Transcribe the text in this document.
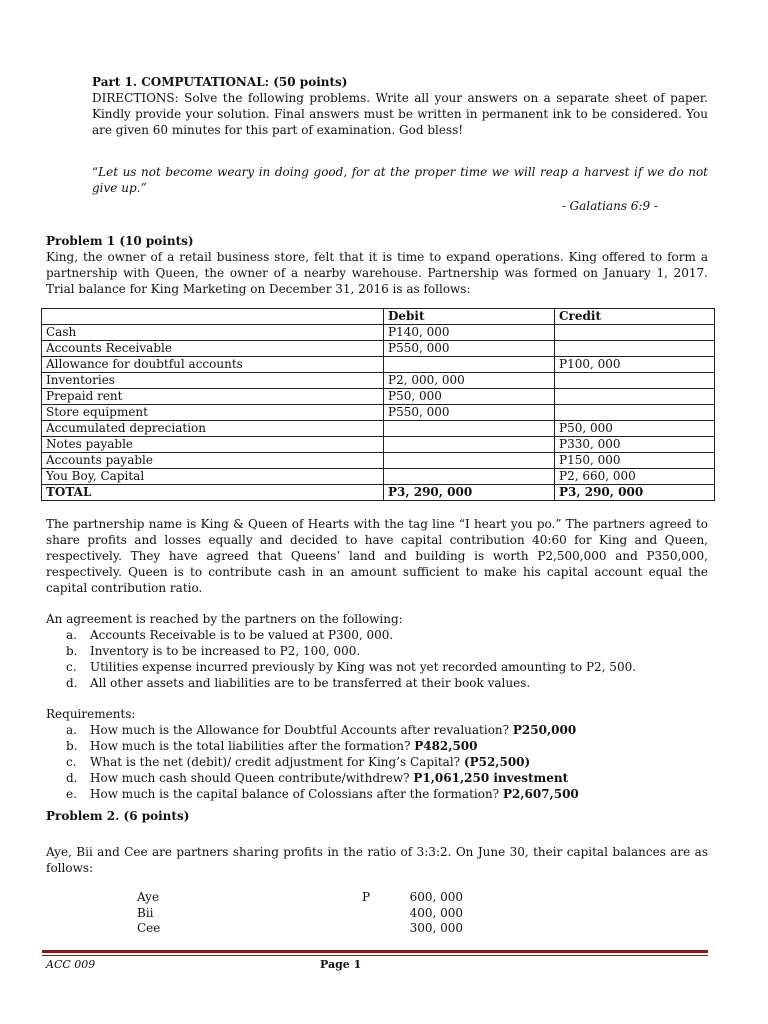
Part 1. COMPUTATIONAL: (50 points)
DIRECTIONS: Solve the following problems. Write all your answers on a separate sheet of paper. Kindly provide your solution. Final answers must be written in permanent ink to be considered. You are given 60 minutes for this part of examination. God bless!
“Let us not become weary in doing good, for at the proper time we will reap a harvest if we do not give up.”
- Galatians 6:9 -
Problem 1 (10 points)
King, the owner of a retail business store, felt that it is time to expand operations. King offered to form a partnership with Queen, the owner of a nearby warehouse. Partnership was formed on January 1, 2017. Trial balance for King Marketing on December 31, 2016 is as follows:
	Debit	Credit
Cash	P140, 000	
Accounts Receivable	P550, 000	
Allowance for doubtful accounts		P100, 000
Inventories	P2, 000, 000	
Prepaid rent	P50, 000	
Store equipment	P550, 000	
Accumulated depreciation		P50, 000
Notes payable		P330, 000
Accounts payable		P150, 000
You Boy, Capital		P2, 660, 000
TOTAL	P3, 290, 000	P3, 290, 000
The partnership name is King & Queen of Hearts with the tag line “I heart you po.” The partners agreed to share profits and losses equally and decided to have capital contribution 40:60 for King and Queen, respectively. They have agreed that Queens’ land and building is worth P2,500,000 and P350,000, respectively. Queen is to contribute cash in an amount sufficient to make his capital account equal the capital contribution ratio.
An agreement is reached by the partners on the following:
a. Accounts Receivable is to be valued at P300, 000.
b. Inventory is to be increased to P2, 100, 000.
c. Utilities expense incurred previously by King was not yet recorded amounting to P2, 500.
d. All other assets and liabilities are to be transferred at their book values.
Requirements:
a. How much is the Allowance for Doubtful Accounts after revaluation? P250,000
b. How much is the total liabilities after the formation? P482,500
c. What is the net (debit)/ credit adjustment for King’s Capital? (P52,500)
d. How much cash should Queen contribute/withdrew? P1,061,250 investment
e. How much is the capital balance of Colossians after the formation? P2,607,500
Problem 2. (6 points)
Aye, Bii and Cee are partners sharing profits in the ratio of 3:3:2. On June 30, their capital balances are as follows:
Aye	P	600, 000
Bii	400, 000
Cee	300, 000
ACC 009	Page 1
